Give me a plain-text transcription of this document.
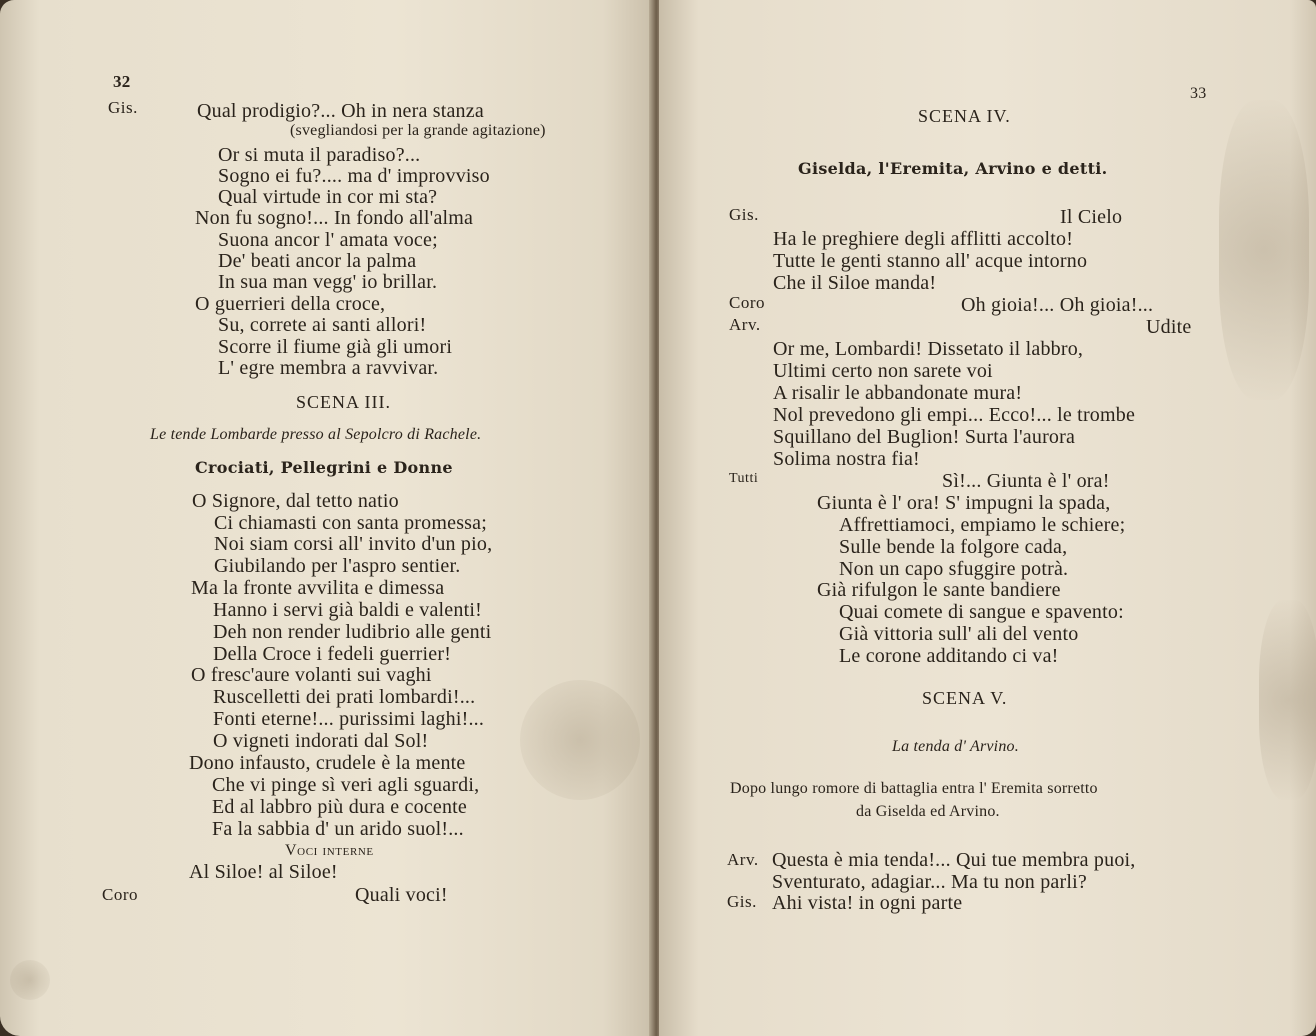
32
Gis.	Qual prodigio?... Oh in nera stanza
(svegliandosi per la grande agitazione)
Or si muta il paradiso?...
Sogno ei fu?.... ma d' improvviso
Qual virtude in cor mi sta?
Non fu sogno!... In fondo all'alma
Suona ancor l' amata voce;
De' beati ancor la palma
In sua man vegg' io brillar.
O guerrieri della croce,
Su, correte ai santi allori!
Scorre il fiume già gli umori
L' egre membra a ravvivar.
SCENA III.
Le tende Lombarde presso al Sepolcro di Rachele.
Crociati, Pellegrini e Donne
O Signore, dal tetto natio
Ci chiamasti con santa promessa;
Noi siam corsi all' invito d'un pio,
Giubilando per l'aspro sentier.
Ma la fronte avvilita e dimessa
Hanno i servi già baldi e valenti!
Deh non render ludibrio alle genti
Della Croce i fedeli guerrier!
O fresc'aure volanti sui vaghi
Ruscelletti dei prati lombardi!...
Fonti eterne!... purissimi laghi!...
O vigneti indorati dal Sol!
Dono infausto, crudele è la mente
Che vi pinge sì veri agli sguardi,
Ed al labbro più dura e cocente
Fa la sabbia d' un arido suol!...
Voci interne
Al Siloe! al Siloe!
Coro	Quali voci!
33
SCENA IV.
Giselda, l'Eremita, Arvino e detti.
Gis.	Il Cielo
Ha le preghiere degli afflitti accolto!
Tutte le genti stanno all' acque intorno
Che il Siloe manda!
Coro	Oh gioia!... Oh gioia!...
Arv.	Udite
Or me, Lombardi! Dissetato il labbro,
Ultimi certo non sarete voi
A risalir le abbandonate mura!
Nol prevedono gli empi... Ecco!... le trombe
Squillano del Buglion! Surta l'aurora
Solima nostra fia!
Tutti	Sì!... Giunta è l' ora!
Giunta è l' ora! S' impugni la spada,
Affrettiamoci, empiamo le schiere;
Sulle bende la folgore cada,
Non un capo sfuggire potrà.
Già rifulgon le sante bandiere
Quai comete di sangue e spavento:
Già vittoria sull' ali del vento
Le corone additando ci va!
SCENA V.
La tenda d' Arvino.
Dopo lungo romore di battaglia entra l' Eremita sorretto
da Giselda ed Arvino.
Arv. Questa è mia tenda!... Qui tue membra puoi,
Sventurato, adagiar... Ma tu non parli?
Gis. Ahi vista! in ogni parte
